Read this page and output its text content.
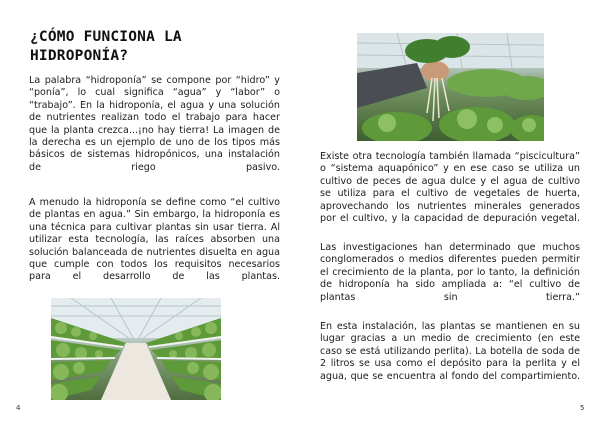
¿CÓMO FUNCIONA LA
HIDROPONÍA?

La palabra “hidroponía” se compone por “hidro” y “ponía”, lo cual significa “agua” y “labor” o “trabajo”. En la hidroponía, el agua y una solución de nutrientes realizan todo el trabajo para hacer que la planta crezca...¡no hay tierra! La imagen de la derecha es un ejemplo de uno de los tipos más básicos de sistemas hidropónicos, una instalación de riego pasivo.

A menudo la hidroponía se define como “el cultivo de plantas en agua.” Sin embargo, la hidroponía es una técnica para cultivar plantas sin usar tierra. Al utilizar esta tecnología, las raíces absorben una solución balanceada de nutrientes disuelta en agua que cumple con todos los requisitos necesarios para el desarrollo de las plantas.

4

Existe otra tecnología también llamada “piscicultura” o “sistema aquapónico” y en ese caso se utiliza un cultivo de peces de agua dulce y el agua de cultivo se utiliza para el cultivo de vegetales de huerta, aprovechando los nutrientes minerales generados por el cultivo, y la capacidad de depuración vegetal.

Las investigaciones han determinado que muchos conglomerados o medios diferentes pueden permitir el crecimiento de la planta, por lo tanto, la definición de hidroponía ha sido ampliada a: “el cultivo de plantas sin tierra.”

En esta instalación, las plantas se mantienen en su lugar gracias a un medio de crecimiento (en este caso se está utilizando perlita). La botella de soda de 2 litros se usa como el depósito para la perlita y el agua, que se encuentra al fondo del compartimiento.

5
